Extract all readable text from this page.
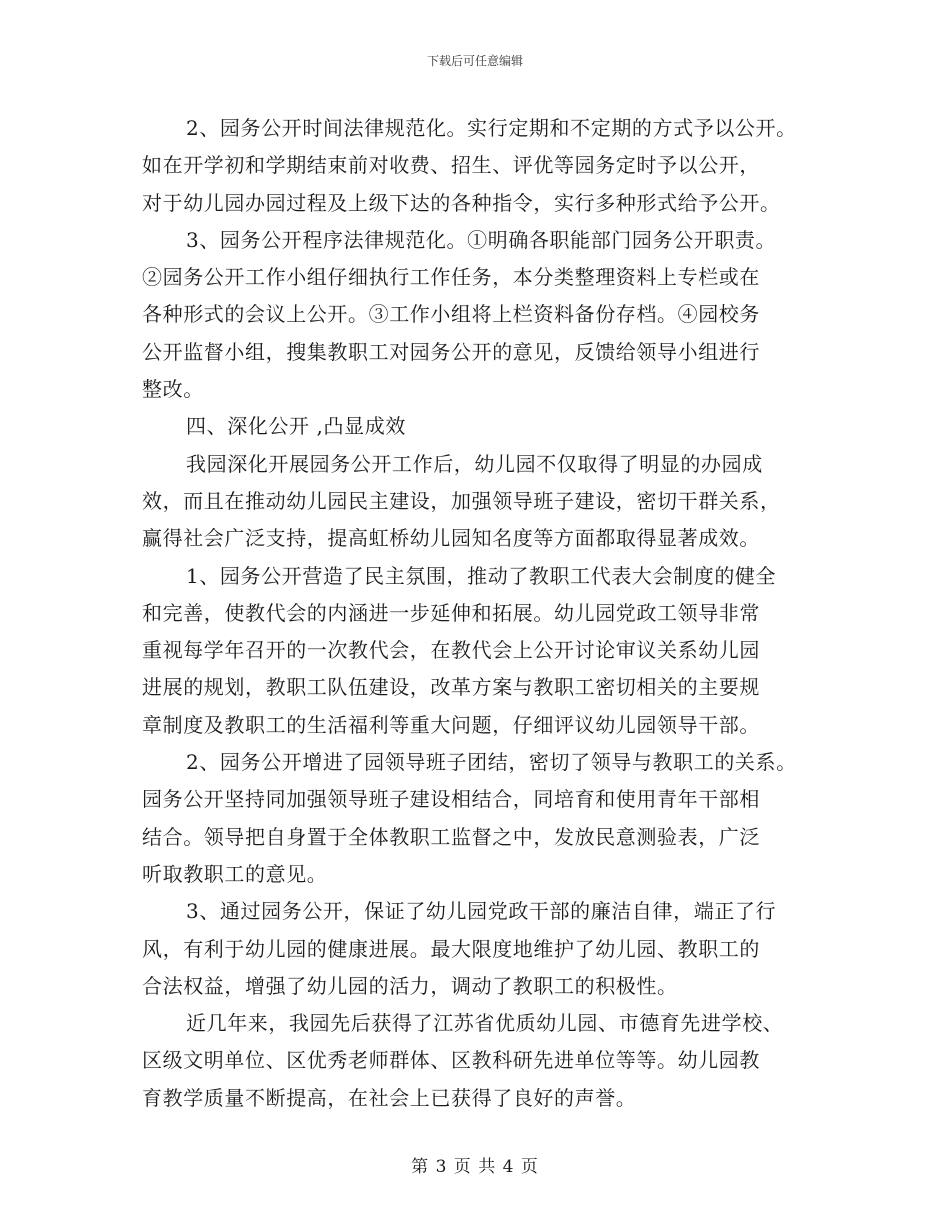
下载后可任意编辑
2、园务公开时间法律规范化。实行定期和不定期的方式予以公开。
如在开学初和学期结束前对收费、招生、评优等园务定时予以公开，
对于幼儿园办园过程及上级下达的各种指令，实行多种形式给予公开。
3、园务公开程序法律规范化。①明确各职能部门园务公开职责。
②园务公开工作小组仔细执行工作任务，本分类整理资料上专栏或在
各种形式的会议上公开。③工作小组将上栏资料备份存档。④园校务
公开监督小组，搜集教职工对园务公开的意见，反馈给领导小组进行
整改。
四、深化公开 ,凸显成效
我园深化开展园务公开工作后，幼儿园不仅取得了明显的办园成
效，而且在推动幼儿园民主建设，加强领导班子建设，密切干群关系，
赢得社会广泛支持，提高虹桥幼儿园知名度等方面都取得显著成效。
1、园务公开营造了民主氛围，推动了教职工代表大会制度的健全
和完善，使教代会的内涵进一步延伸和拓展。幼儿园党政工领导非常
重视每学年召开的一次教代会，在教代会上公开讨论审议关系幼儿园
进展的规划，教职工队伍建设，改革方案与教职工密切相关的主要规
章制度及教职工的生活福利等重大问题，仔细评议幼儿园领导干部。
2、园务公开增进了园领导班子团结，密切了领导与教职工的关系。
园务公开坚持同加强领导班子建设相结合，同培育和使用青年干部相
结合。领导把自身置于全体教职工监督之中，发放民意测验表，广泛
听取教职工的意见。
3、通过园务公开，保证了幼儿园党政干部的廉洁自律，端正了行
风，有利于幼儿园的健康进展。最大限度地维护了幼儿园、教职工的
合法权益，增强了幼儿园的活力，调动了教职工的积极性。
近几年来，我园先后获得了江苏省优质幼儿园、市德育先进学校、
区级文明单位、区优秀老师群体、区教科研先进单位等等。幼儿园教
育教学质量不断提高，在社会上已获得了良好的声誉。
第 3 页 共 4 页
